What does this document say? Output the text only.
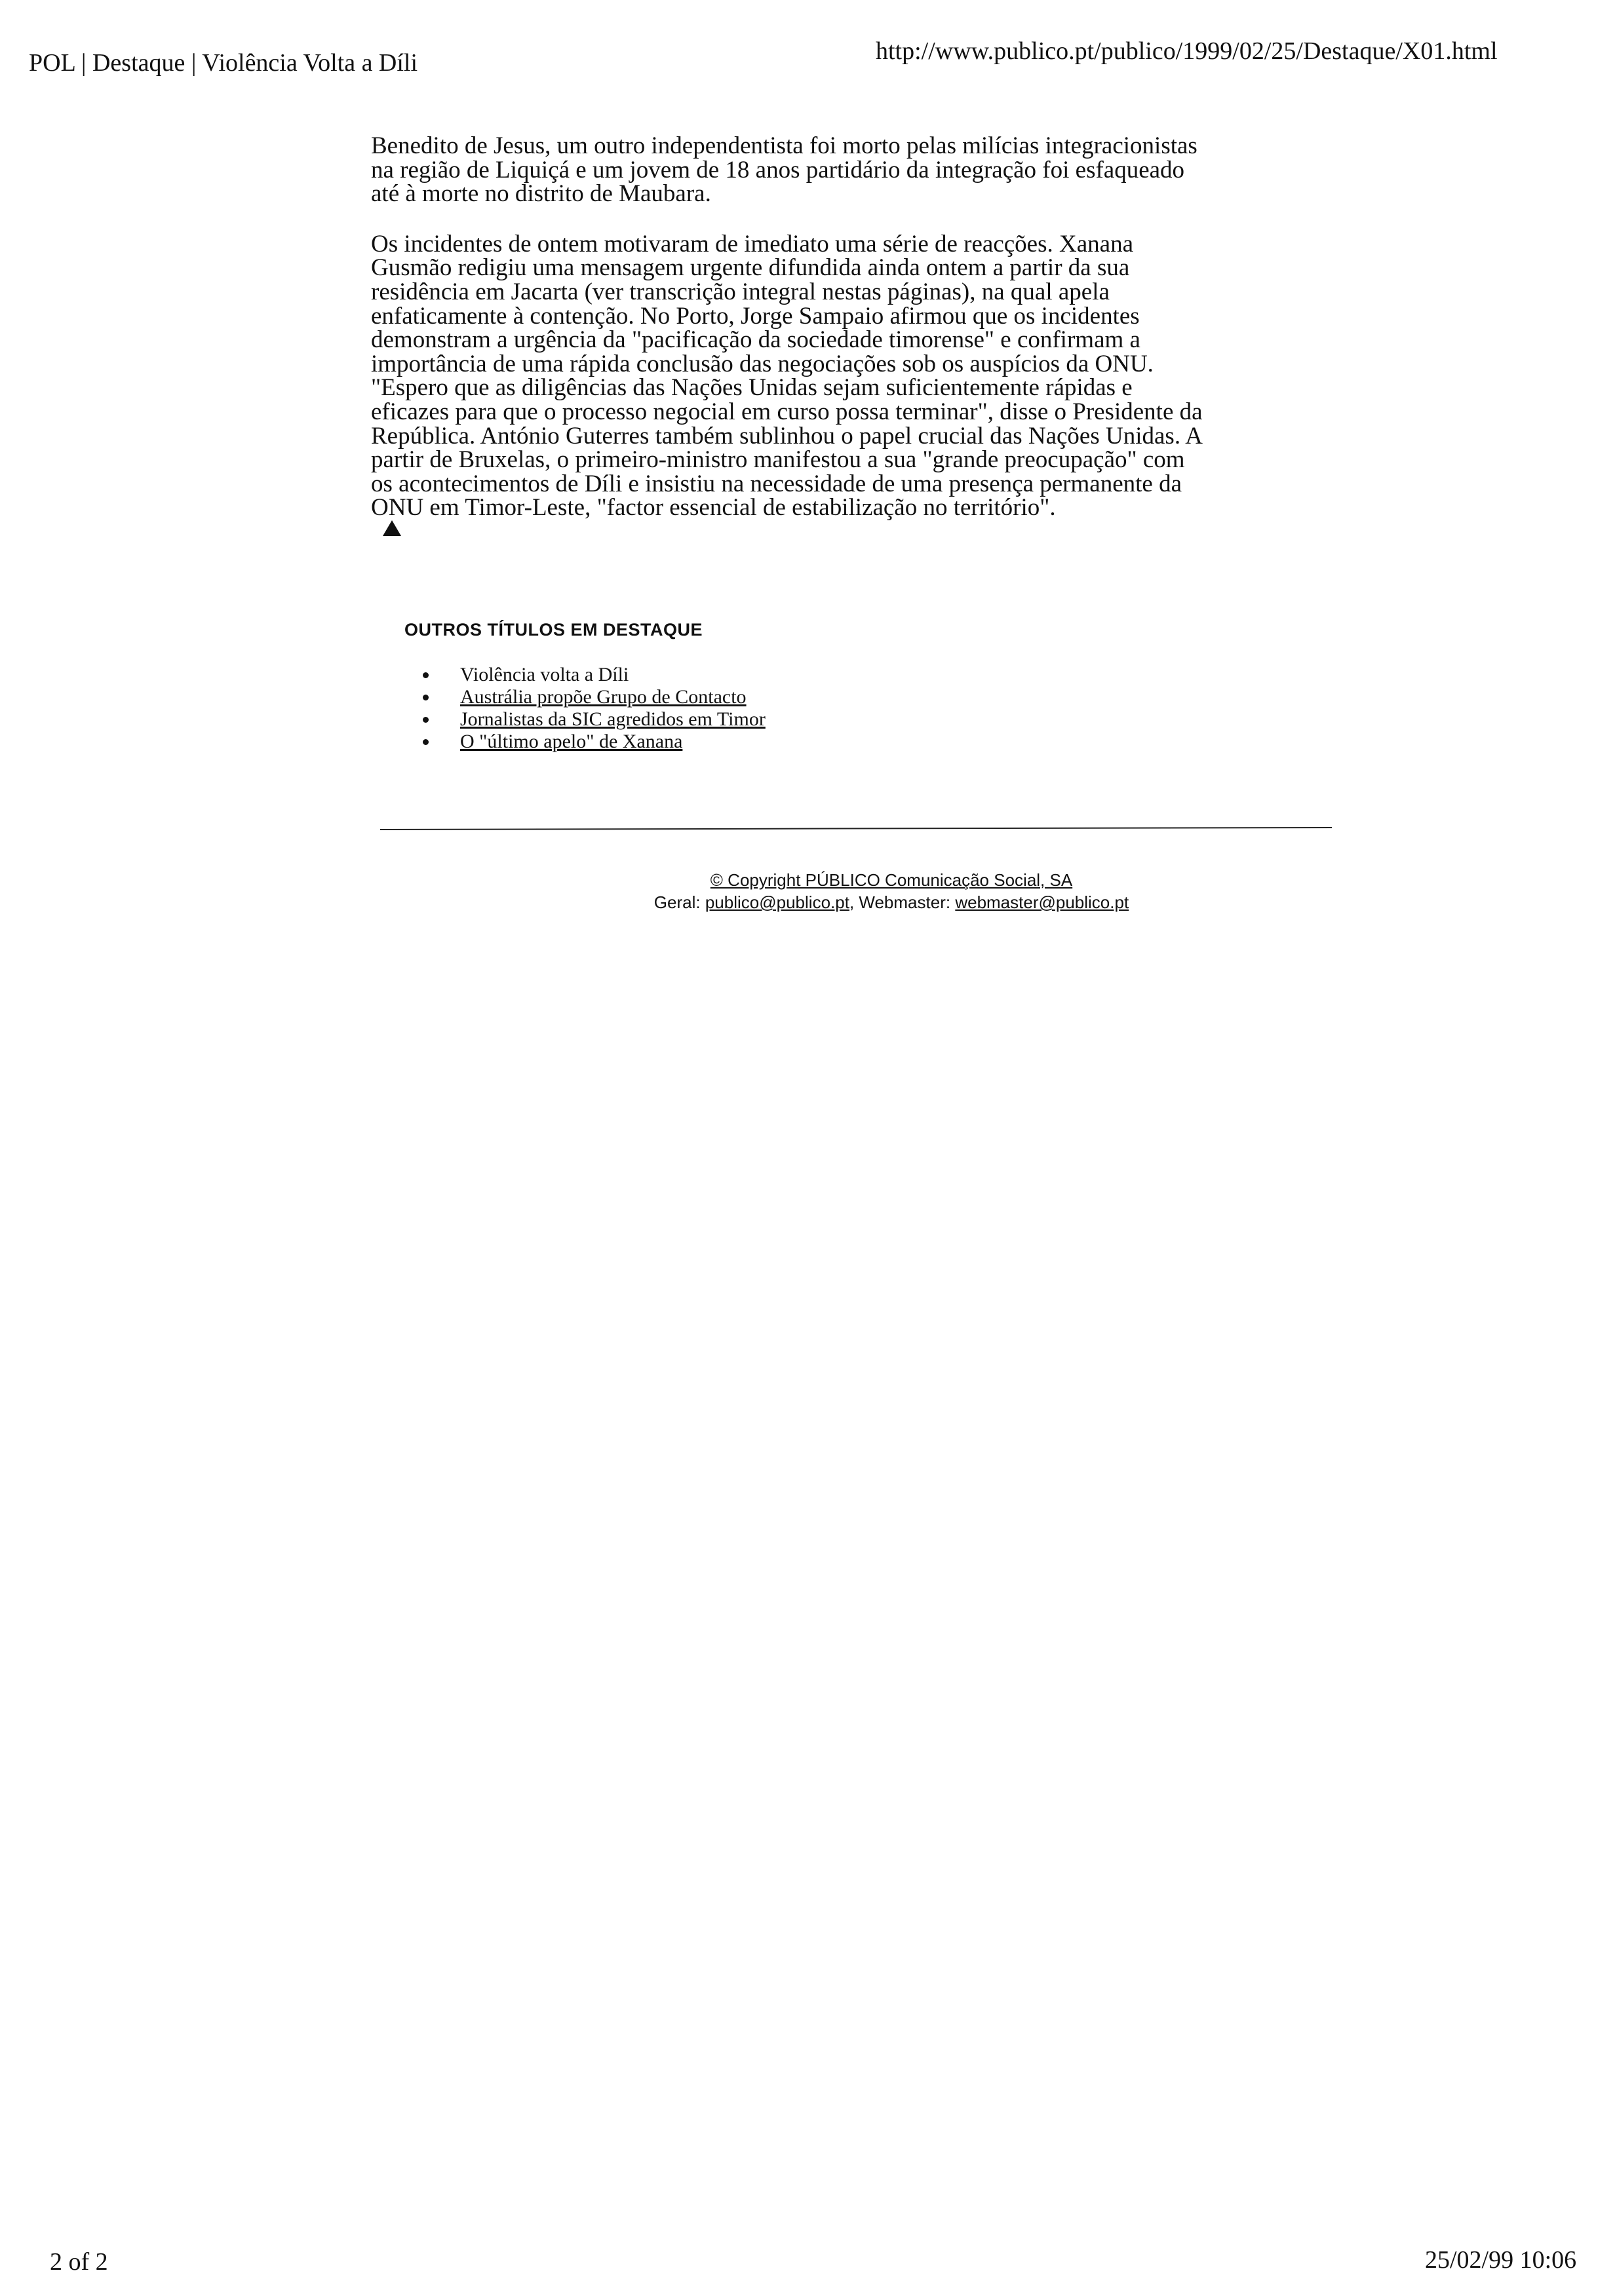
POL | Destaque | Violência Volta a Díli	http://www.publico.pt/publico/1999/02/25/Destaque/X01.html

Benedito de Jesus, um outro independentista foi morto pelas milícias integracionistas
na região de Liquiçá e um jovem de 18 anos partidário da integração foi esfaqueado
até à morte no distrito de Maubara.

Os incidentes de ontem motivaram de imediato uma série de reacções. Xanana
Gusmão redigiu uma mensagem urgente difundida ainda ontem a partir da sua
residência em Jacarta (ver transcrição integral nestas páginas), na qual apela
enfaticamente à contenção. No Porto, Jorge Sampaio afirmou que os incidentes
demonstram a urgência da "pacificação da sociedade timorense" e confirmam a
importância de uma rápida conclusão das negociações sob os auspícios da ONU.
"Espero que as diligências das Nações Unidas sejam suficientemente rápidas e
eficazes para que o processo negocial em curso possa terminar", disse o Presidente da
República. António Guterres também sublinhou o papel crucial das Nações Unidas. A
partir de Bruxelas, o primeiro-ministro manifestou a sua "grande preocupação" com
os acontecimentos de Díli e insistiu na necessidade de uma presença permanente da
ONU em Timor-Leste, "factor essencial de estabilização no território".

OUTROS TÍTULOS EM DESTAQUE
Violência volta a Díli
Austrália propõe Grupo de Contacto
Jornalistas da SIC agredidos em Timor
O "último apelo" de Xanana
© Copyright PÚBLICO Comunicação Social, SA
Geral: publico@publico.pt, Webmaster: webmaster@publico.pt
2 of 2	25/02/99 10:06
